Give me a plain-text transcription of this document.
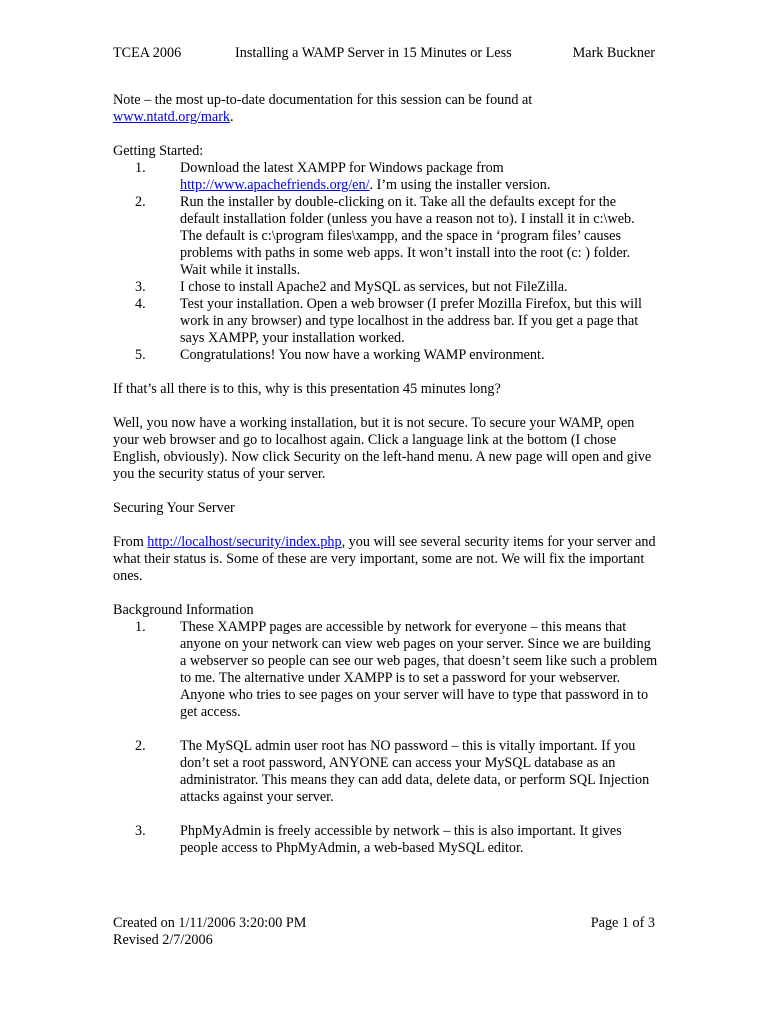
TCEA 2006	Installing a WAMP Server in 15 Minutes or Less	Mark Buckner

Note – the most up-to-date documentation for this session can be found at
www.ntatd.org/mark.

Getting Started:

1. Download the latest XAMPP for Windows package from
http://www.apachefriends.org/en/. I’m using the installer version.
2. Run the installer by double-clicking on it. Take all the defaults except for the default installation folder (unless you have a reason not to). I install it in c:\web. The default is c:\program files\xampp, and the space in ‘program files’ causes problems with paths in some web apps. It won’t install into the root (c: ) folder. Wait while it installs.
3. I chose to install Apache2 and MySQL as services, but not FileZilla.
4. Test your installation. Open a web browser (I prefer Mozilla Firefox, but this will work in any browser) and type localhost in the address bar. If you get a page that says XAMPP, your installation worked.
5. Congratulations! You now have a working WAMP environment.

If that’s all there is to this, why is this presentation 45 minutes long?

Well, you now have a working installation, but it is not secure. To secure your WAMP, open your web browser and go to localhost again. Click a language link at the bottom (I chose English, obviously). Now click Security on the left-hand menu. A new page will open and give you the security status of your server.

Securing Your Server

From http://localhost/security/index.php, you will see several security items for your server and what their status is. Some of these are very important, some are not. We will fix the important ones.

Background Information

1. These XAMPP pages are accessible by network for everyone – this means that anyone on your network can view web pages on your server. Since we are building a webserver so people can see our web pages, that doesn’t seem like such a problem to me. The alternative under XAMPP is to set a password for your webserver. Anyone who tries to see pages on your server will have to type that password in to get access.
2. The MySQL admin user root has NO password – this is vitally important. If you don’t set a root password, ANYONE can access your MySQL database as an administrator. This means they can add data, delete data, or perform SQL Injection attacks against your server.
3. PhpMyAdmin is freely accessible by network – this is also important. It gives people access to PhpMyAdmin, a web-based MySQL editor.
Created on 1/11/2006 3:20:00 PM	Page 1 of 3
Revised 2/7/2006
